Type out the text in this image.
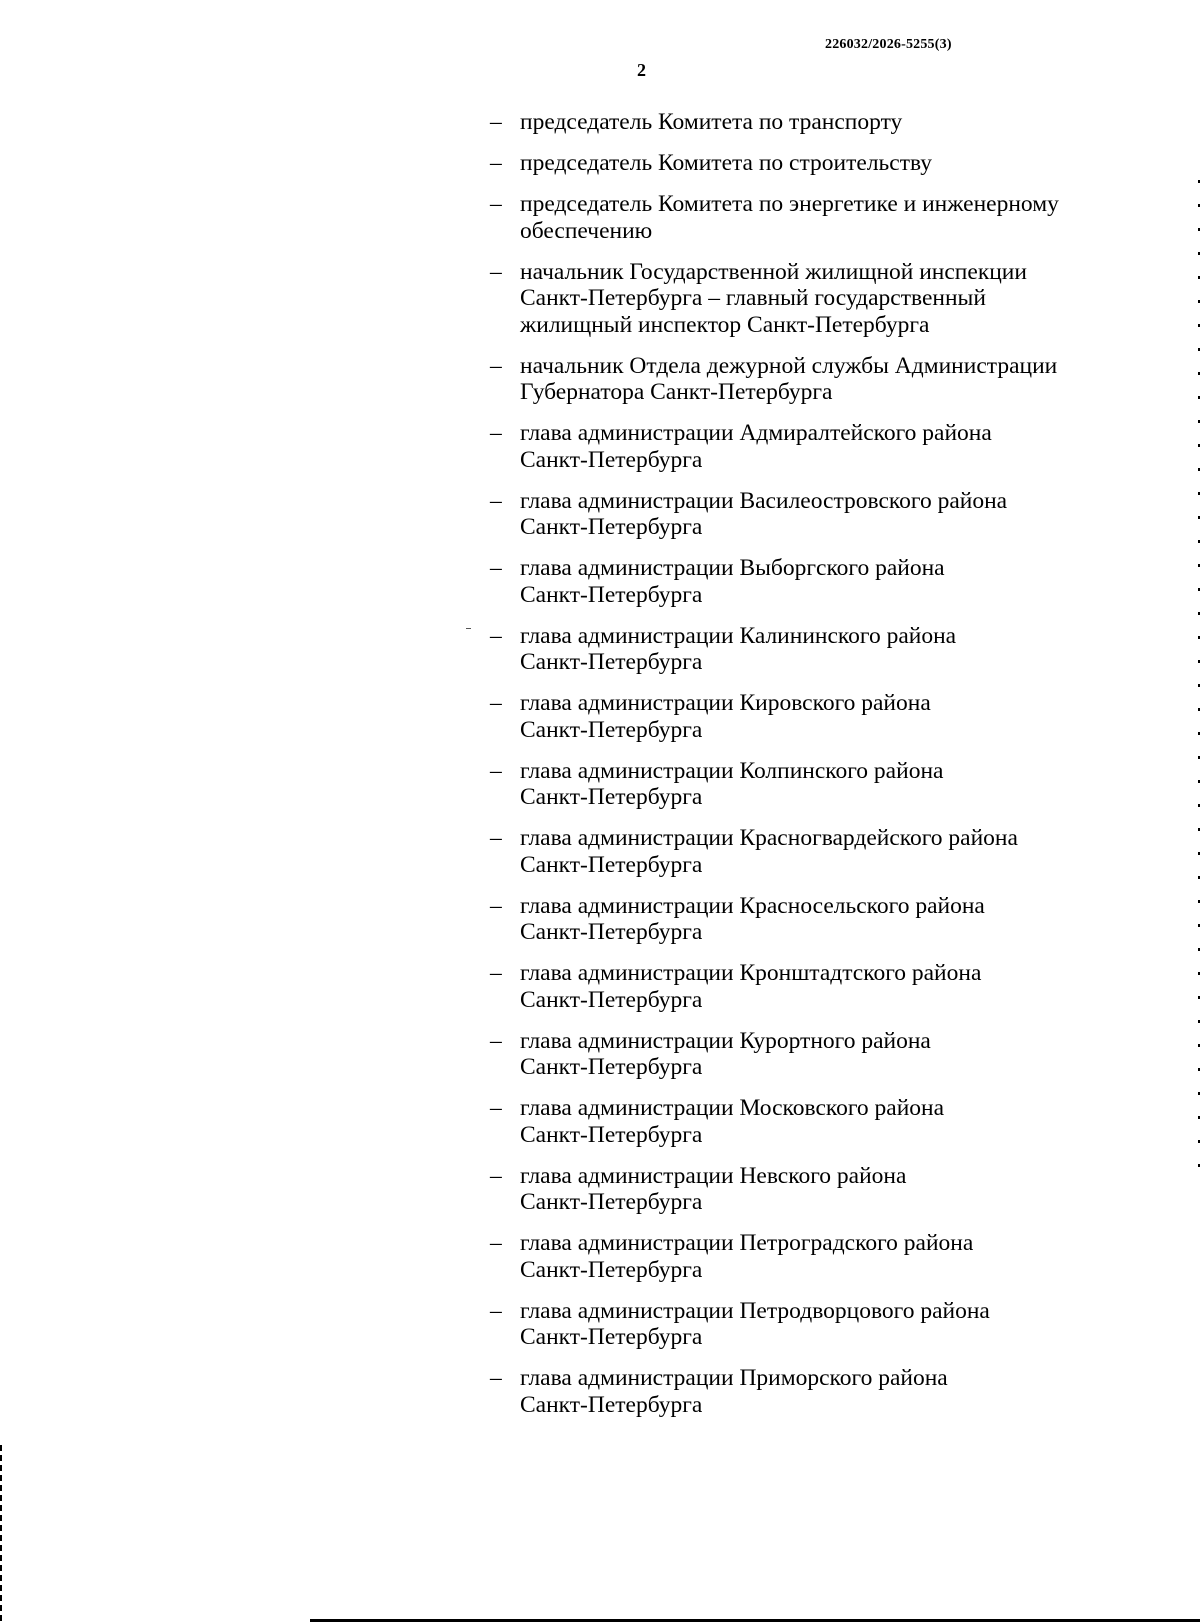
226032/2026-5255(3)
2
– председатель Комитета по транспорту
– председатель Комитета по строительству
– председатель Комитета по энергетике и инженерному
обеспечению
– начальник Государственной жилищной инспекции
Санкт-Петербурга – главный государственный
жилищный инспектор Санкт-Петербурга
– начальник Отдела дежурной службы Администрации
Губернатора Санкт-Петербурга
– глава администрации Адмиралтейского района
Санкт-Петербурга
– глава администрации Василеостровского района
Санкт-Петербурга
– глава администрации Выборгского района
Санкт-Петербурга
– глава администрации Калининского района
Санкт-Петербурга
– глава администрации Кировского района
Санкт-Петербурга
– глава администрации Колпинского района
Санкт-Петербурга
– глава администрации Красногвардейского района
Санкт-Петербурга
– глава администрации Красносельского района
Санкт-Петербурга
– глава администрации Кронштадтского района
Санкт-Петербурга
– глава администрации Курортного района
Санкт-Петербурга
– глава администрации Московского района
Санкт-Петербурга
– глава администрации Невского района
Санкт-Петербурга
– глава администрации Петроградского района
Санкт-Петербурга
– глава администрации Петродворцового района
Санкт-Петербурга
– глава администрации Приморского района
Санкт-Петербурга
